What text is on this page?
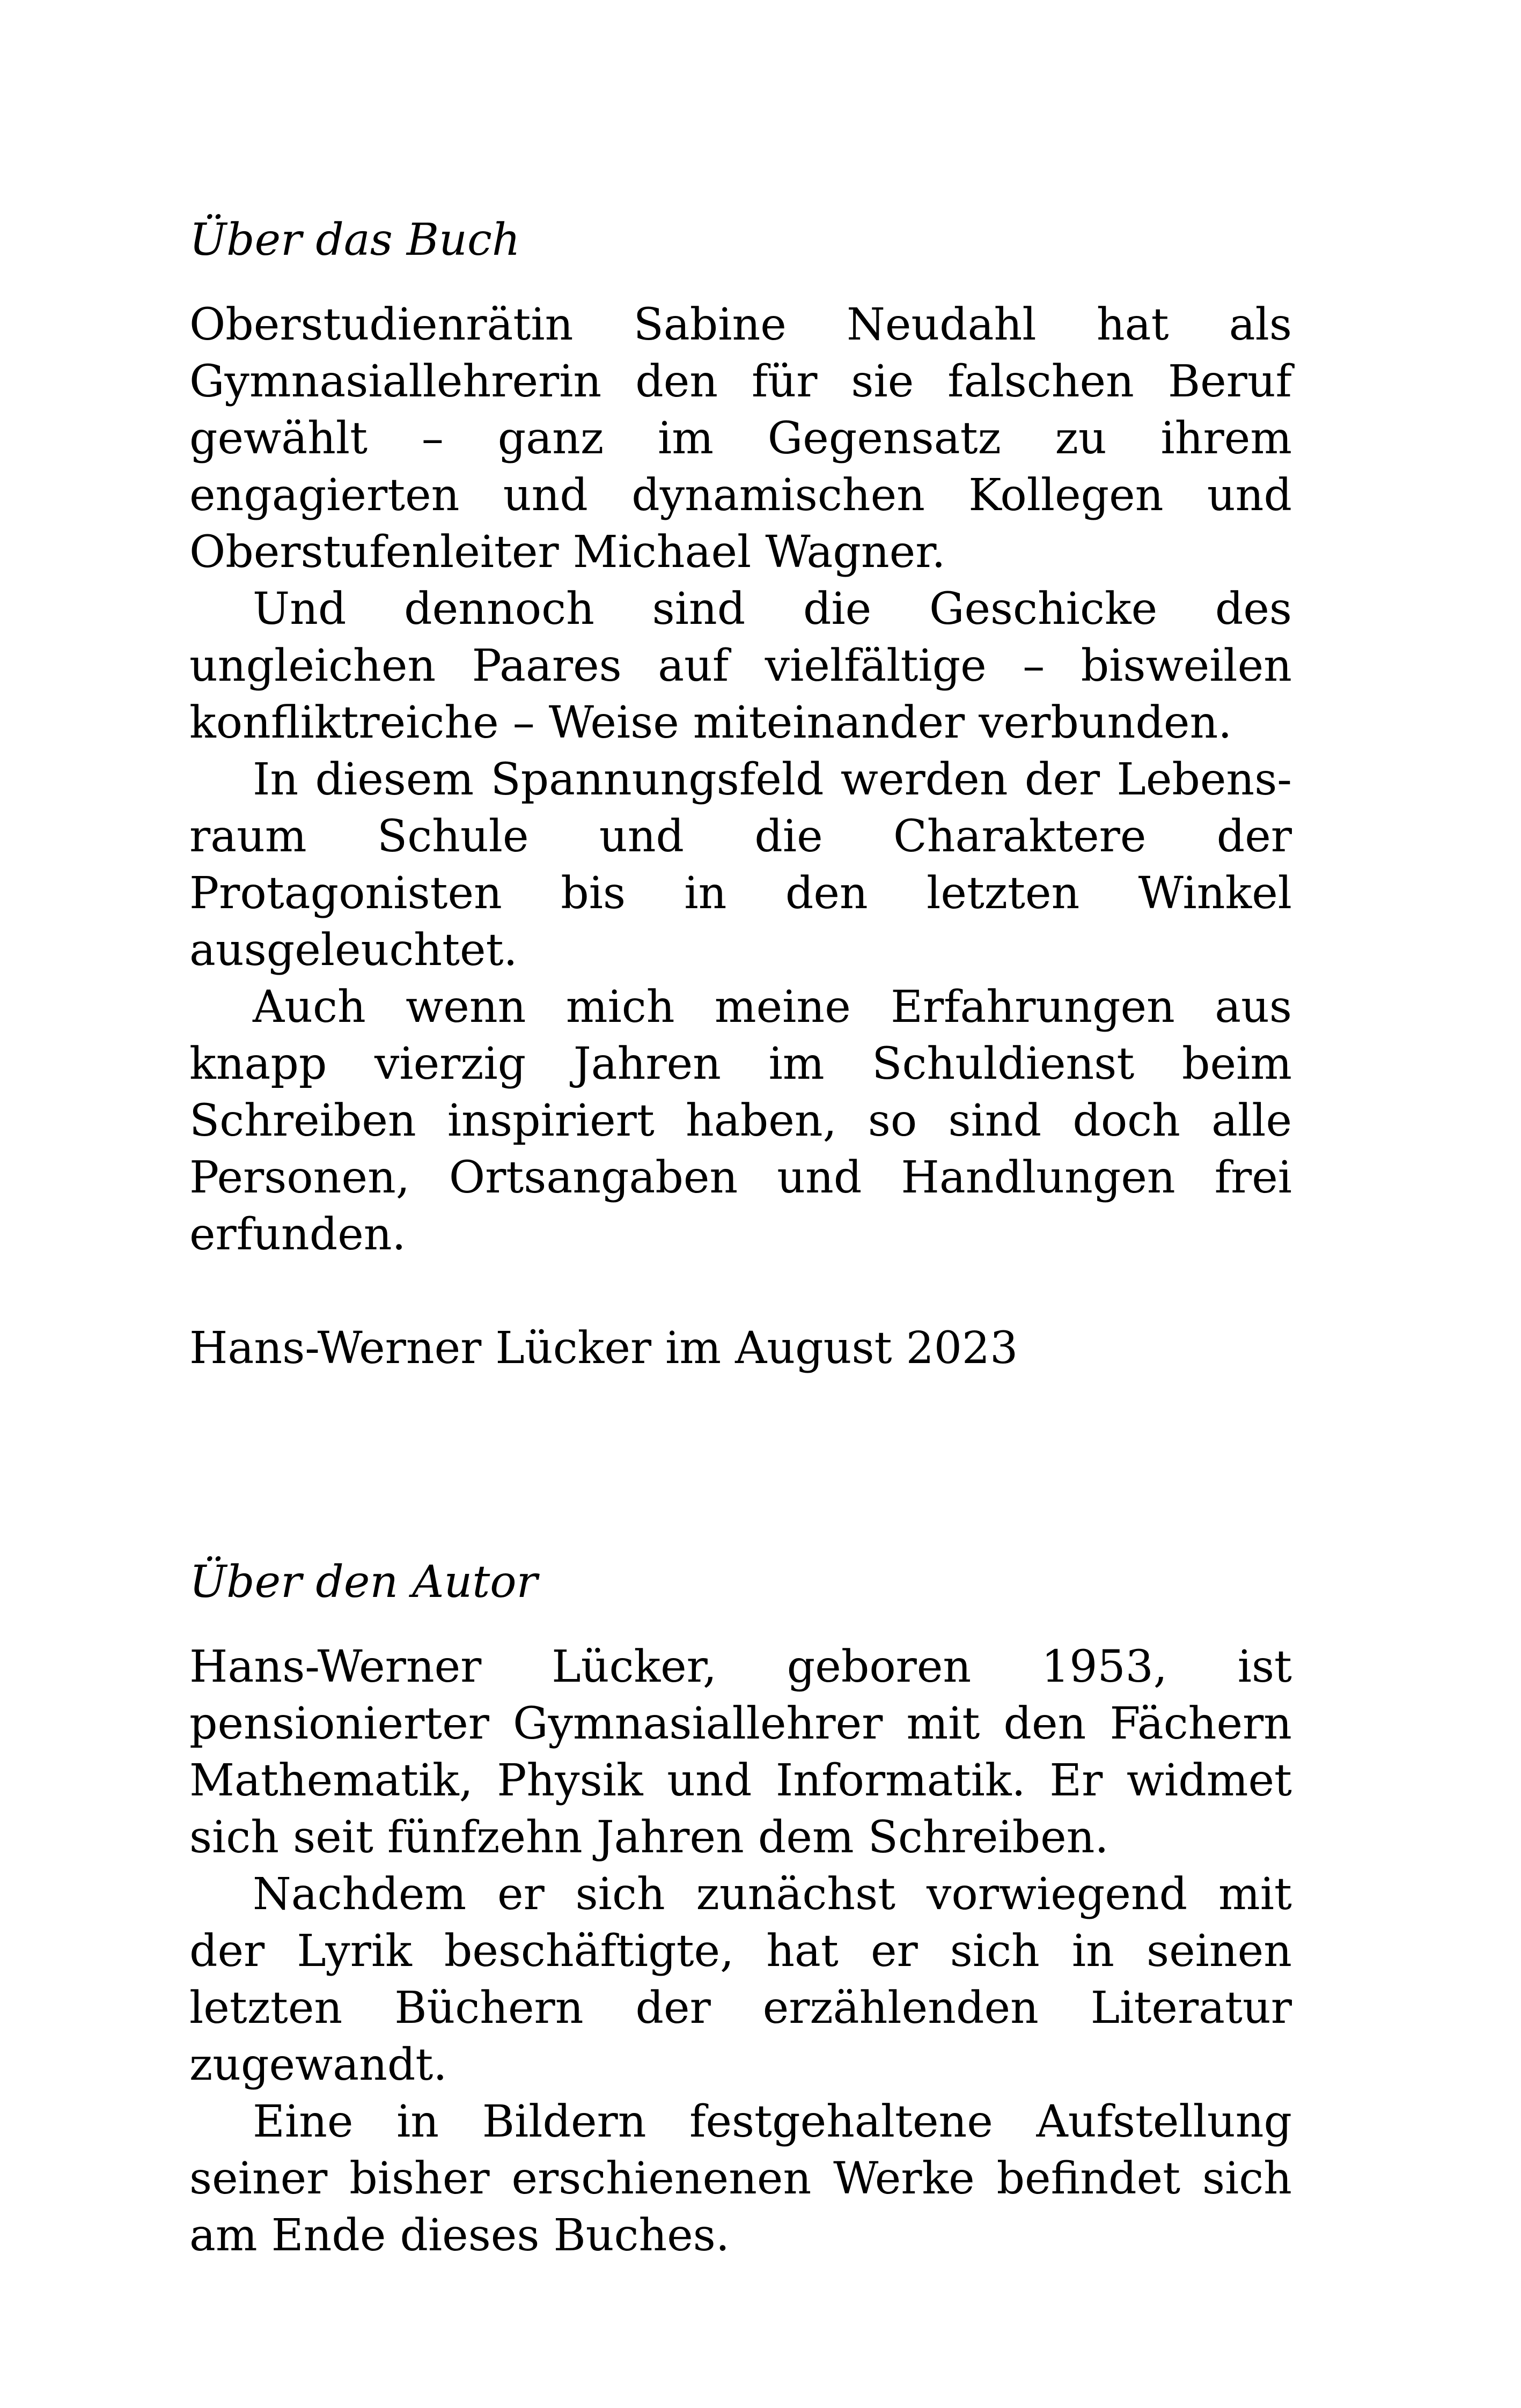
Über das Buch

Oberstudienrätin Sabine Neudahl hat als Gymnasiallehrerin den für sie falschen Beruf gewählt – ganz im Gegensatz zu ihrem engagierten und dynamischen Kollegen und Oberstufenleiter Michael Wagner.

Und dennoch sind die Geschicke des ungleichen Paares auf vielfältige – bisweilen konfliktreiche – Weise miteinander verbunden.

In diesem Spannungsfeld werden der Lebensraum Schule und die Charaktere der Protagonisten bis in den letzten Winkel ausgeleuchtet.

Auch wenn mich meine Erfahrungen aus knapp vierzig Jahren im Schuldienst beim Schreiben inspiriert haben, so sind doch alle Personen, Ortsangaben und Handlungen frei erfunden.

Hans-Werner Lücker im August 2023

Über den Autor

Hans-Werner Lücker, geboren 1953, ist pensionierter Gymnasiallehrer mit den Fächern Mathematik, Physik und Informatik. Er widmet sich seit fünfzehn Jahren dem Schreiben.

Nachdem er sich zunächst vorwiegend mit der Lyrik beschäftigte, hat er sich in seinen letzten Büchern der erzählenden Literatur zugewandt.

Eine in Bildern festgehaltene Aufstellung seiner bisher erschienenen Werke befindet sich am Ende dieses Buches.
